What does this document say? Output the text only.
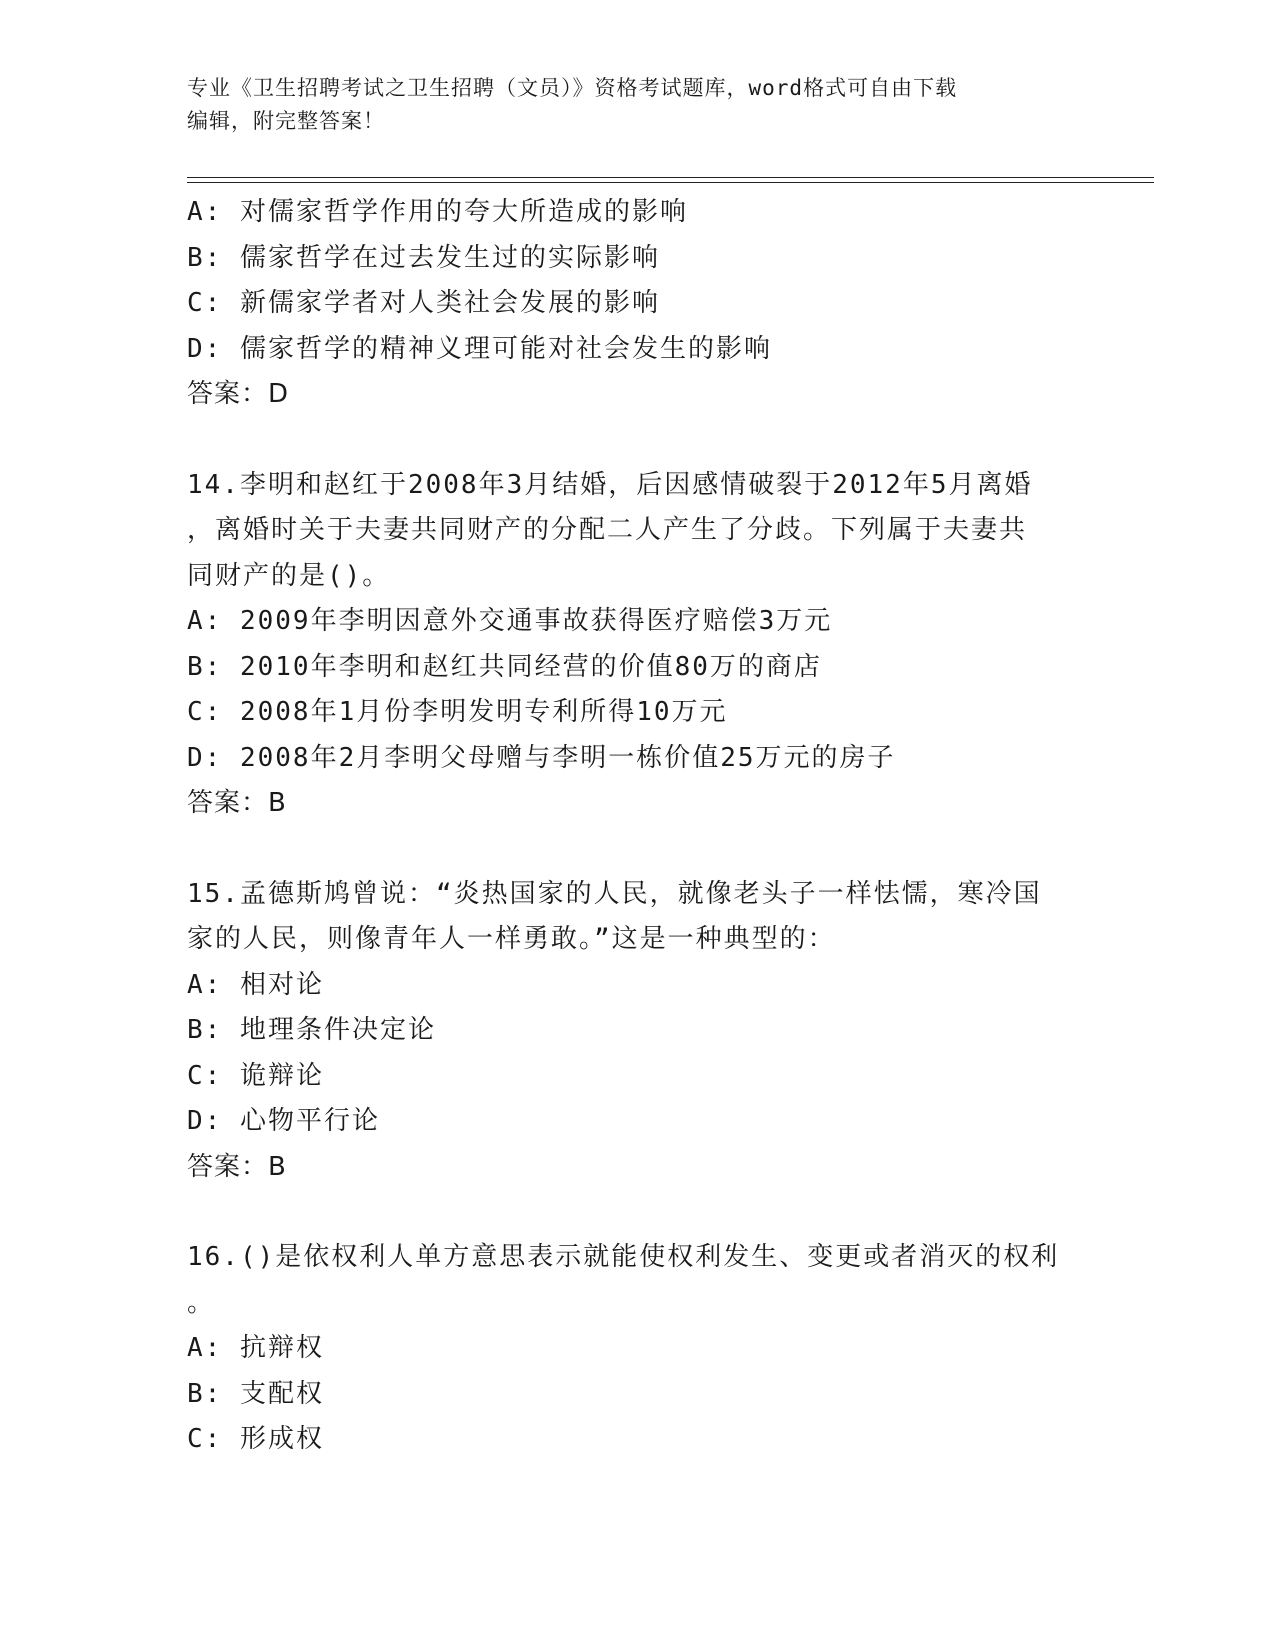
专业《卫生招聘考试之卫生招聘（文员）》资格考试题库，word格式可自由下载
编辑，附完整答案！
A: 对儒家哲学作用的夸大所造成的影响
B: 儒家哲学在过去发生过的实际影响
C: 新儒家学者对人类社会发展的影响
D: 儒家哲学的精神义理可能对社会发生的影响
答案：D
14.李明和赵红于2008年3月结婚，后因感情破裂于2012年5月离婚
，离婚时关于夫妻共同财产的分配二人产生了分歧。下列属于夫妻共
同财产的是()。
A: 2009年李明因意外交通事故获得医疗赔偿3万元
B: 2010年李明和赵红共同经营的价值80万的商店
C: 2008年1月份李明发明专利所得10万元
D: 2008年2月李明父母赠与李明一栋价值25万元的房子
答案：B
15.孟德斯鸠曾说：“炎热国家的人民，就像老头子一样怯懦，寒冷国
家的人民，则像青年人一样勇敢。”这是一种典型的：
A: 相对论
B: 地理条件决定论
C: 诡辩论
D: 心物平行论
答案：B
16.()是依权利人单方意思表示就能使权利发生、变更或者消灭的权利
。
A: 抗辩权
B: 支配权
C: 形成权
